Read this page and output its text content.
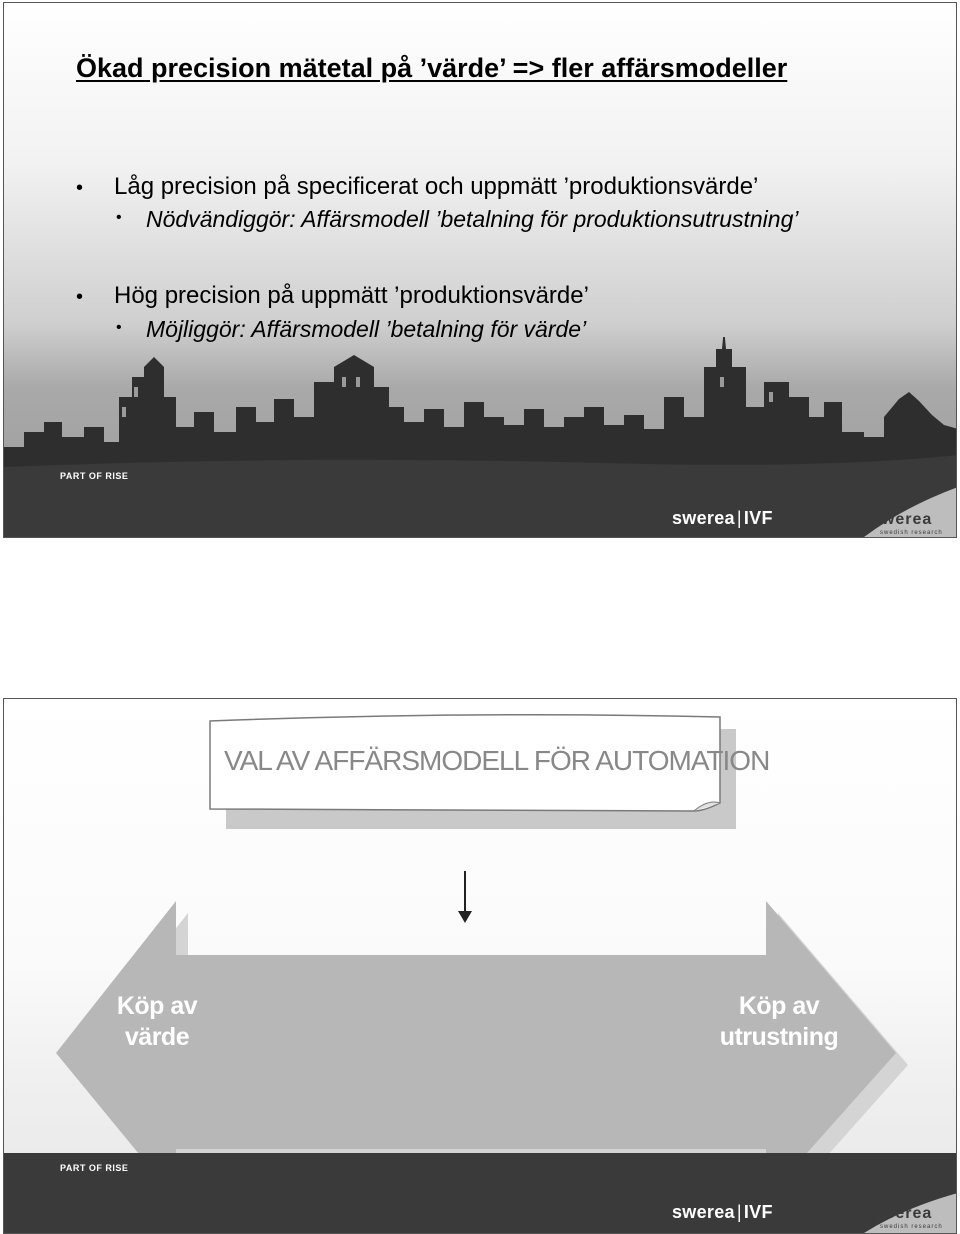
Ökad precision mätetal på ’värde’ => fler affärsmodeller
• Låg precision på specificerat och uppmätt ’produktionsvärde’
• Nödvändiggör: Affärsmodell ’betalning för produktionsutrustning’
• Hög precision på uppmätt ’produktionsvärde’
• Möjliggör: Affärsmodell ’betalning för värde’
PART OF RISE
swerea | IVF	swerea
swedish research
VAL AV AFFÄRSMODELL FÖR AUTOMATION
Köp av
värde
Köp av
utrustning
PART OF RISE
swerea | IVF	swerea
swedish research
